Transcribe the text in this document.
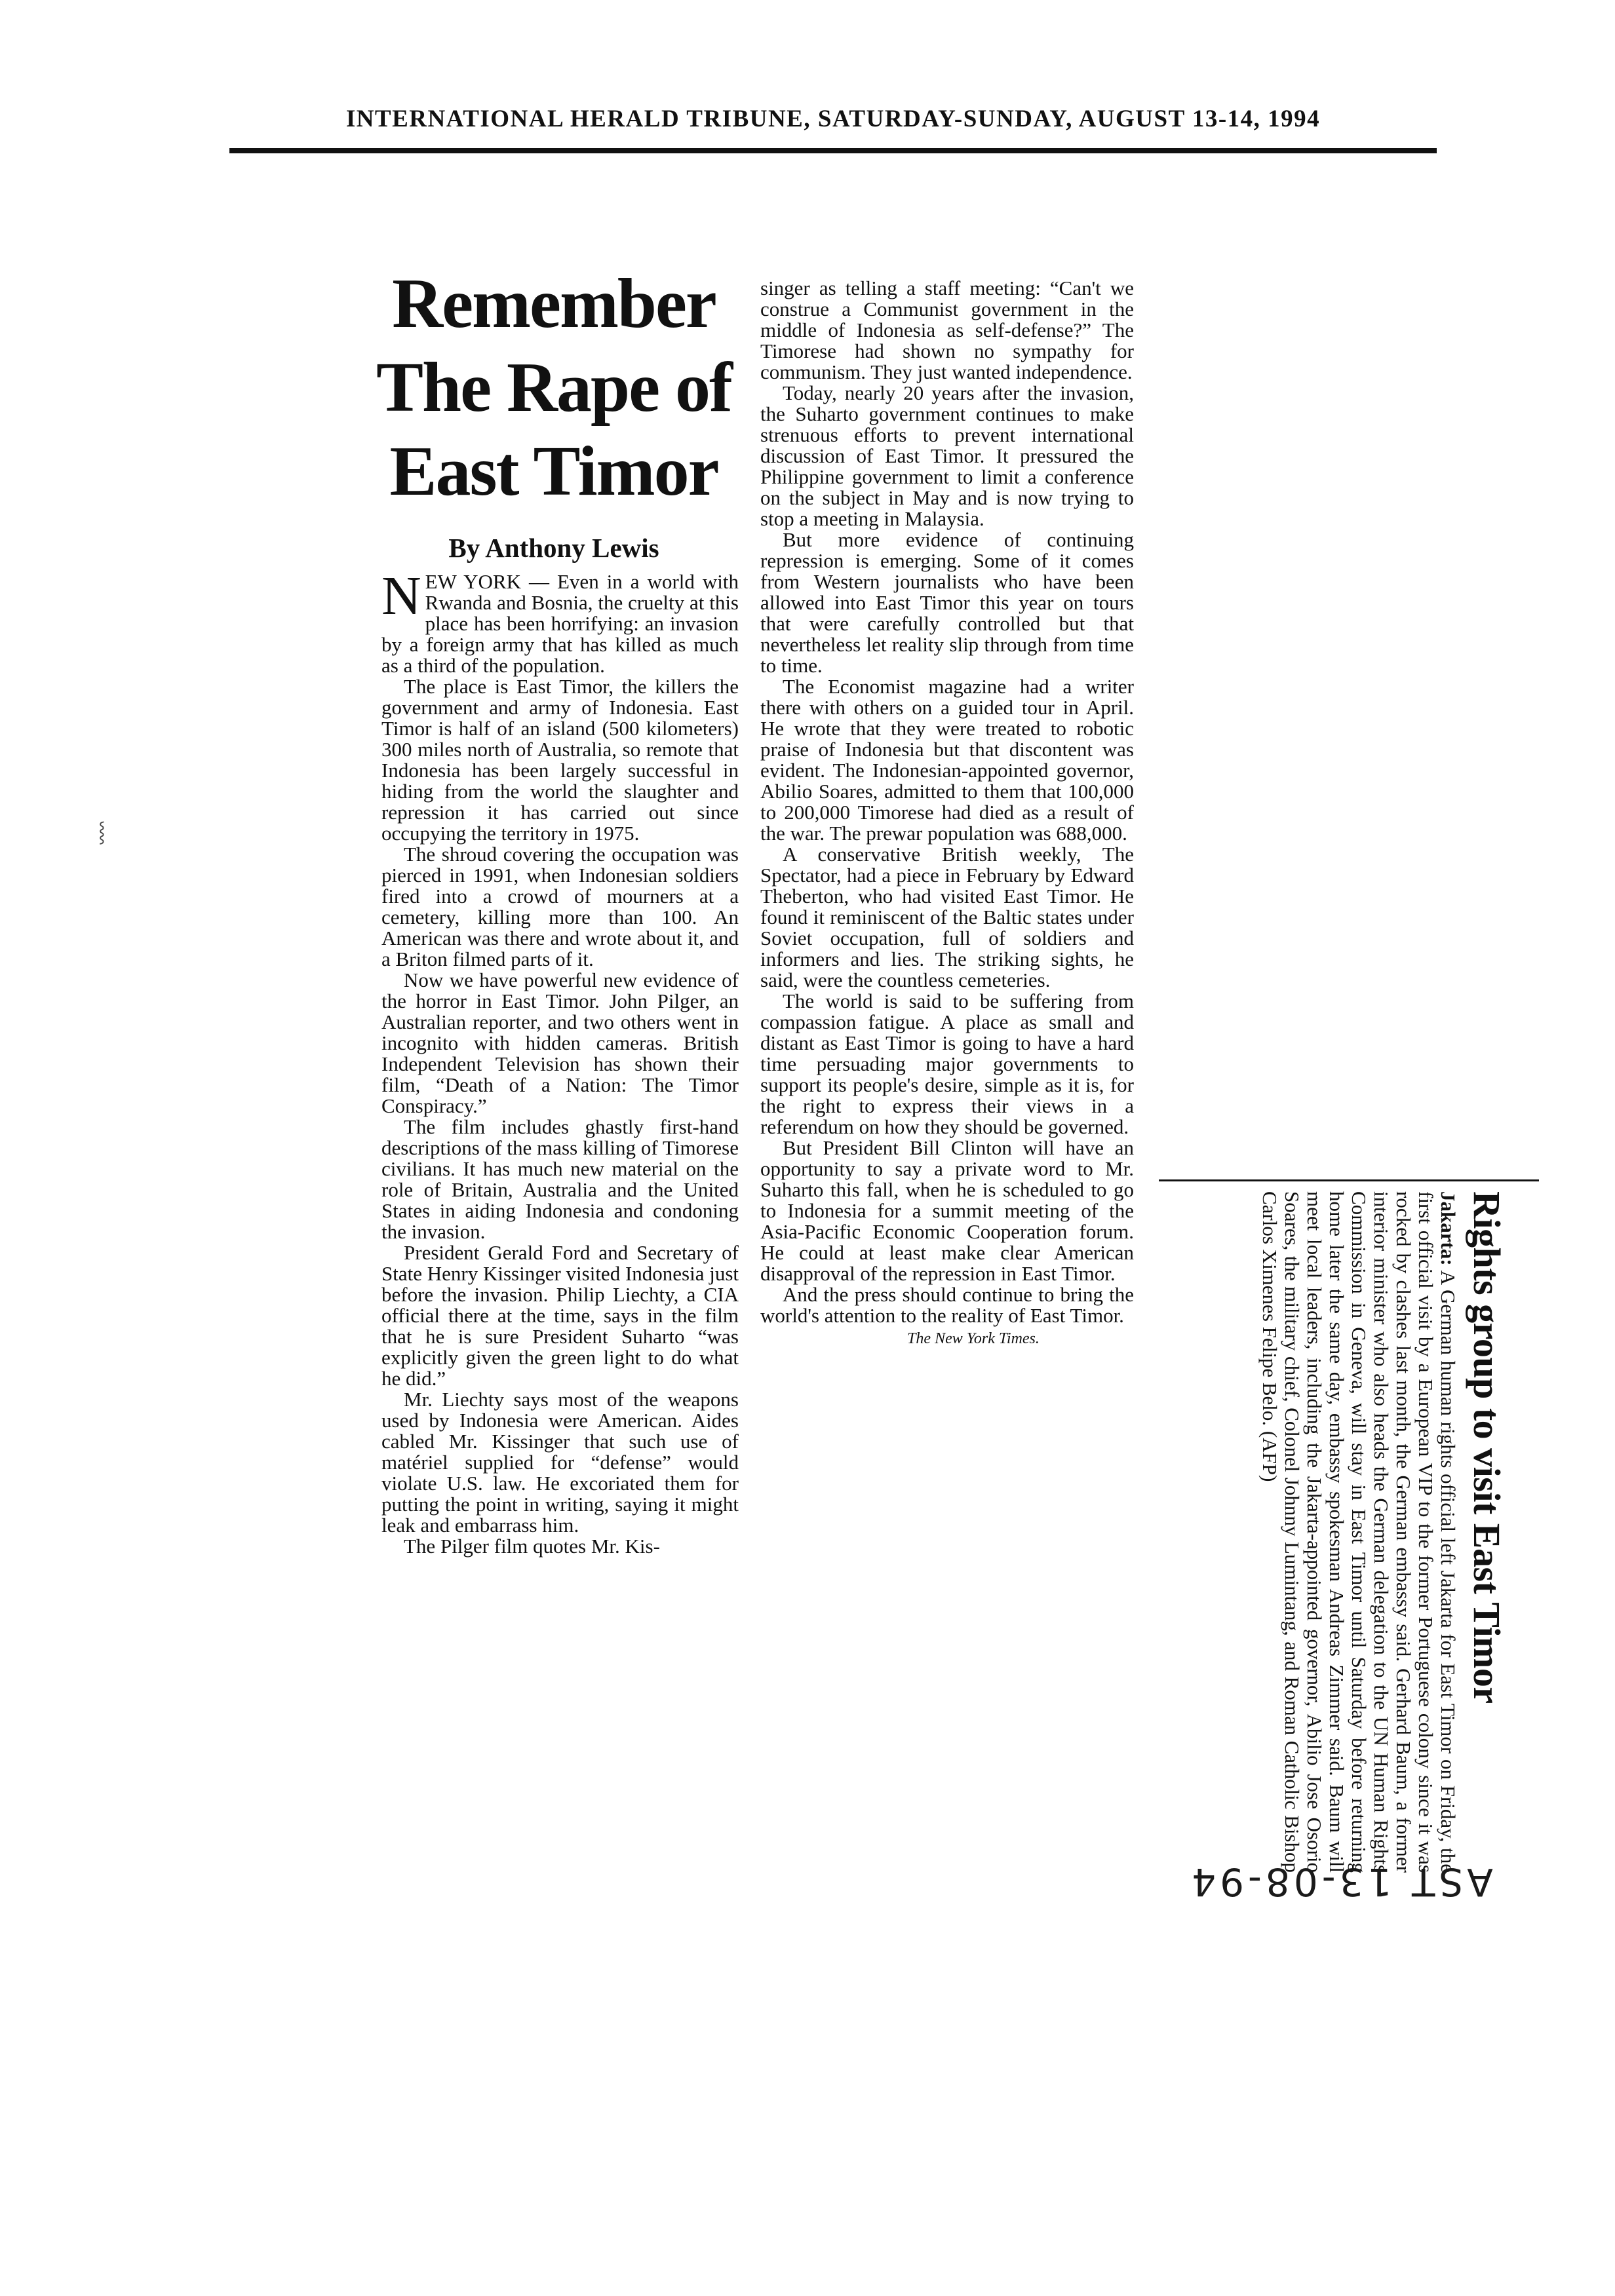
INTERNATIONAL HERALD TRIBUNE, SATURDAY-SUNDAY, AUGUST 13-14, 1994
Remember
The Rape of
East Timor
By Anthony Lewis

NEW YORK — Even in a world with Rwanda and Bosnia, the cruelty at this place has been horrifying: an invasion by a foreign army that has killed as much as a third of the population.

The place is East Timor, the killers the government and army of Indonesia. East Timor is half of an island (500 kilometers) 300 miles north of Australia, so remote that Indonesia has been largely successful in hiding from the world the slaughter and repression it has carried out since occupying the territory in 1975.

The shroud covering the occupation was pierced in 1991, when Indonesian soldiers fired into a crowd of mourners at a cemetery, killing more than 100. An American was there and wrote about it, and a Briton filmed parts of it.

Now we have powerful new evidence of the horror in East Timor. John Pilger, an Australian reporter, and two others went in incognito with hidden cameras. British Independent Television has shown their film, “Death of a Nation: The Timor Conspiracy.”

The film includes ghastly first-hand descriptions of the mass killing of Timorese civilians. It has much new material on the role of Britain, Australia and the United States in aiding Indonesia and condoning the invasion.

President Gerald Ford and Secretary of State Henry Kissinger visited Indonesia just before the invasion. Philip Liechty, a CIA official there at the time, says in the film that he is sure President Suharto “was explicitly given the green light to do what he did.”

Mr. Liechty says most of the weapons used by Indonesia were American. Aides cabled Mr. Kissinger that such use of matériel supplied for “defense” would violate U.S. law. He excoriated them for putting the point in writing, saying it might leak and embarrass him.

The Pilger film quotes Mr. Kis-

singer as telling a staff meeting: “Can't we construe a Communist government in the middle of Indonesia as self-defense?” The Timorese had shown no sympathy for communism. They just wanted independence.

Today, nearly 20 years after the invasion, the Suharto government continues to make strenuous efforts to prevent international discussion of East Timor. It pressured the Philippine government to limit a conference on the subject in May and is now trying to stop a meeting in Malaysia.

But more evidence of continuing repression is emerging. Some of it comes from Western journalists who have been allowed into East Timor this year on tours that were carefully controlled but that nevertheless let reality slip through from time to time.

The Economist magazine had a writer there with others on a guided tour in April. He wrote that they were treated to robotic praise of Indonesia but that discontent was evident. The Indonesian-appointed governor, Abilio Soares, admitted to them that 100,000 to 200,000 Timorese had died as a result of the war. The prewar population was 688,000.

A conservative British weekly, The Spectator, had a piece in February by Edward Theberton, who had visited East Timor. He found it reminiscent of the Baltic states under Soviet occupation, full of soldiers and informers and lies. The striking sights, he said, were the countless cemeteries.

The world is said to be suffering from compassion fatigue. A place as small and distant as East Timor is going to have a hard time persuading major governments to support its people's desire, simple as it is, for the right to express their views in a referendum on how they should be governed.

But President Bill Clinton will have an opportunity to say a private word to Mr. Suharto this fall, when he is scheduled to go to Indonesia for a summit meeting of the Asia-Pacific Economic Cooperation forum. He could at least make clear American disapproval of the repression in East Timor.

And the press should continue to bring the world's attention to the reality of East Timor.

The New York Times.	Rights group to visit East Timor

Jakarta: A German human rights official left Jakarta for East Timor on Friday, the first official visit by a European VIP to the former Portuguese colony since it was rocked by clashes last month, the German embassy said. Gerhard Baum, a former interior minister who also heads the German delegation to the UN Human Rights Commission in Geneva, will stay in East Timor until Saturday before returning home later the same day, embassy spokesman Andreas Zimmer said. Baum will meet local leaders, including the Jakarta-appointed governor, Abilio Jose Osorio Soares, the military chief, Colonel Johnny Lumintang, and Roman Catholic Bishop Carlos Ximenes Felipe Belo. (AFP)

AST 13-08-94
⸾
